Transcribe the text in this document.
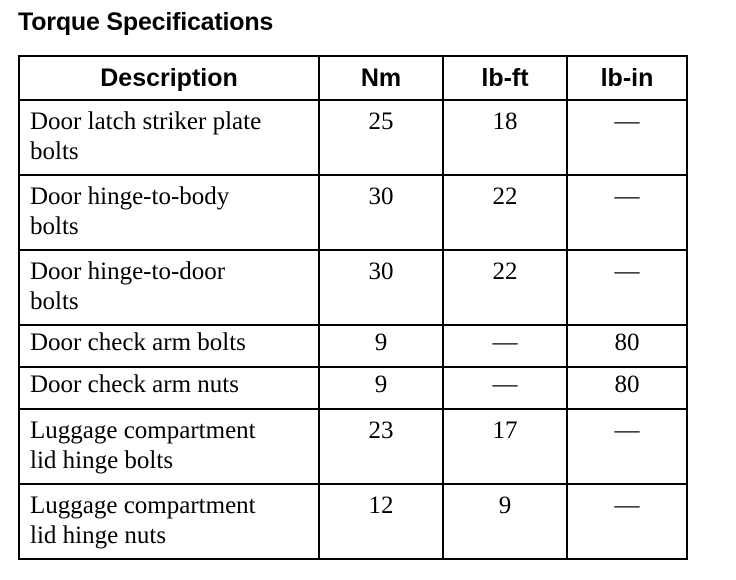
Torque Specifications
Description	Nm	lb-ft	lb-in
Door latch striker plate
bolts	25	18	—
Door hinge-to-body
bolts	30	22	—
Door hinge-to-door
bolts	30	22	—
Door check arm bolts	9	—	80
Door check arm nuts	9	—	80
Luggage compartment
lid hinge bolts	23	17	—
Luggage compartment
lid hinge nuts	12	9	—
